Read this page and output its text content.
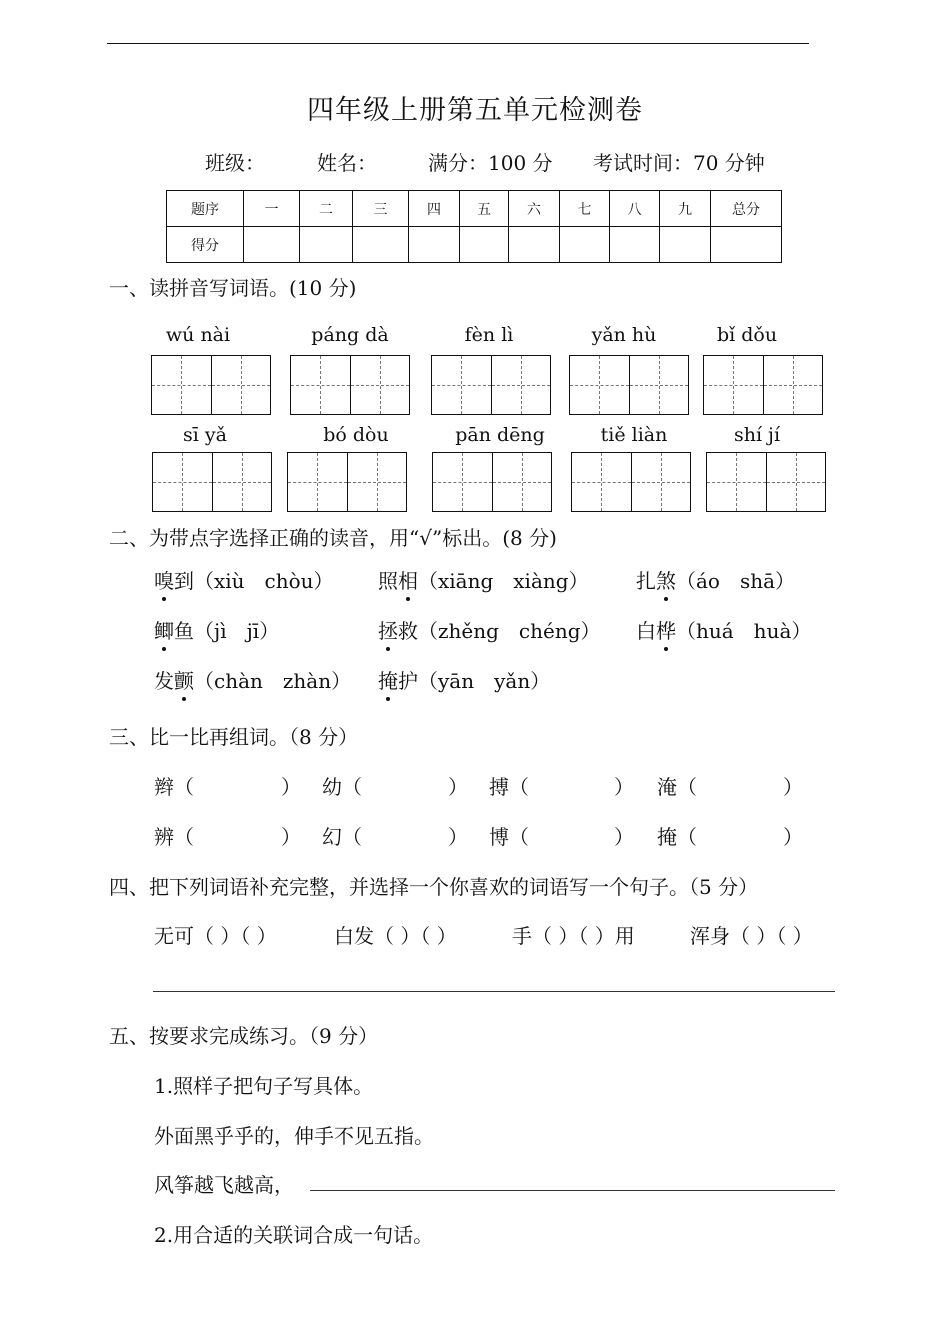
四年级上册第五单元检测卷
班级：	姓名：	满分：100 分 考试时间：70 分钟
题序	一	二	三	四	五	六	七	八	九	总分
得分										
一、读拼音写词语。(10 分)
wú nài	páng dà	fèn lì	yǎn hù	bǐ dǒu
sī yǎ	bó dòu	pān dēng	tiě liàn	shí jí
二、为带点字选择正确的读音，用“√”标出。(8 分)
嗅到（xiù　chòu） 照相（xiāng　xiàng） 扎煞（áo　shā）
鲫鱼（jì　jī）	拯救（zhěng　chéng） 白桦（huá　huà）
发颤（chàn　zhàn） 掩护（yān　yǎn）
三、比一比再组词。（8 分）
辫（	） 幼（	） 搏（	） 淹（	）
辨（	） 幻（	） 博（	） 掩（	）
四、把下列词语补充完整，并选择一个你喜欢的词语写一个句子。（5 分）
无可（ ）（ ）	白发（ ）（ ）	手（ ）（ ）用	浑身（ ）（ ）
五、按要求完成练习。（9 分）
1.照样子把句子写具体。
外面黑乎乎的，伸手不见五指。
风筝越飞越高，
2.用合适的关联词合成一句话。
